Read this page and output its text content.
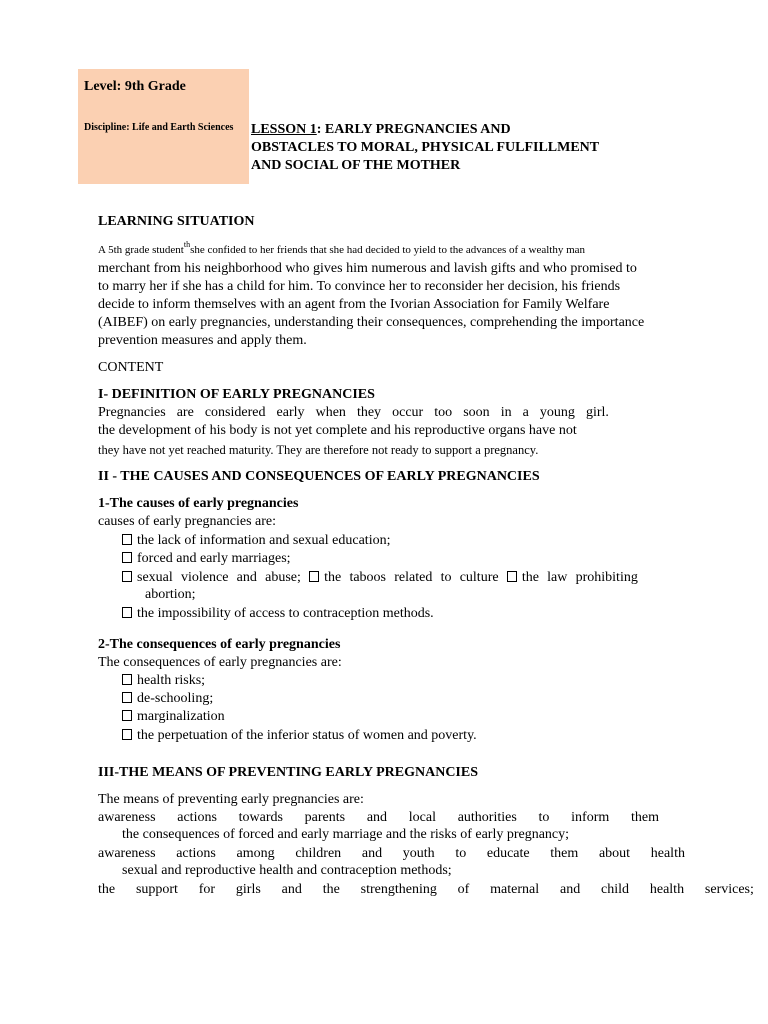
Level: 9th Grade
Discipline: Life and Earth Sciences LESSON 1: EARLY PREGNANCIES AND
OBSTACLES TO MORAL, PHYSICAL FULFILLMENT
AND SOCIAL OF THE MOTHER
LEARNING SITUATION
A 5th grade student$^{th}$she confided to her friends that she had decided to yield to the advances of a wealthy man
merchant from his neighborhood who gives him numerous and lavish gifts and who promised to
to marry her if she has a child for him. To convince her to reconsider her decision, his friends
decide to inform themselves with an agent from the Ivorian Association for Family Welfare
(AIBEF) on early pregnancies, understanding their consequences, comprehending the importance
prevention measures and apply them.
CONTENT
I- DEFINITION OF EARLY PREGNANCIES
Pregnancies are considered early when they occur too soon in a young girl.
the development of his body is not yet complete and his reproductive organs have not
they have not yet reached maturity. They are therefore not ready to support a pregnancy.
II - THE CAUSES AND CONSEQUENCES OF EARLY PREGNANCIES
1-The causes of early pregnancies
causes of early pregnancies are:
the lack of information and sexual education;
forced and early marriages;
sexual violence and abuse;	the taboos related to culture	the law prohibiting
abortion;
the impossibility of access to contraception methods.
2-The consequences of early pregnancies
The consequences of early pregnancies are:
health risks;
de-schooling;
marginalization
the perpetuation of the inferior status of women and poverty.
III-THE MEANS OF PREVENTING EARLY PREGNANCIES
The means of preventing early pregnancies are:
awareness actions towards parents and local authorities to inform them
the consequences of forced and early marriage and the risks of early pregnancy;
awareness actions among children and youth to educate them about health
sexual and reproductive health and contraception methods;
the support for girls and the strengthening of maternal and child health services;
